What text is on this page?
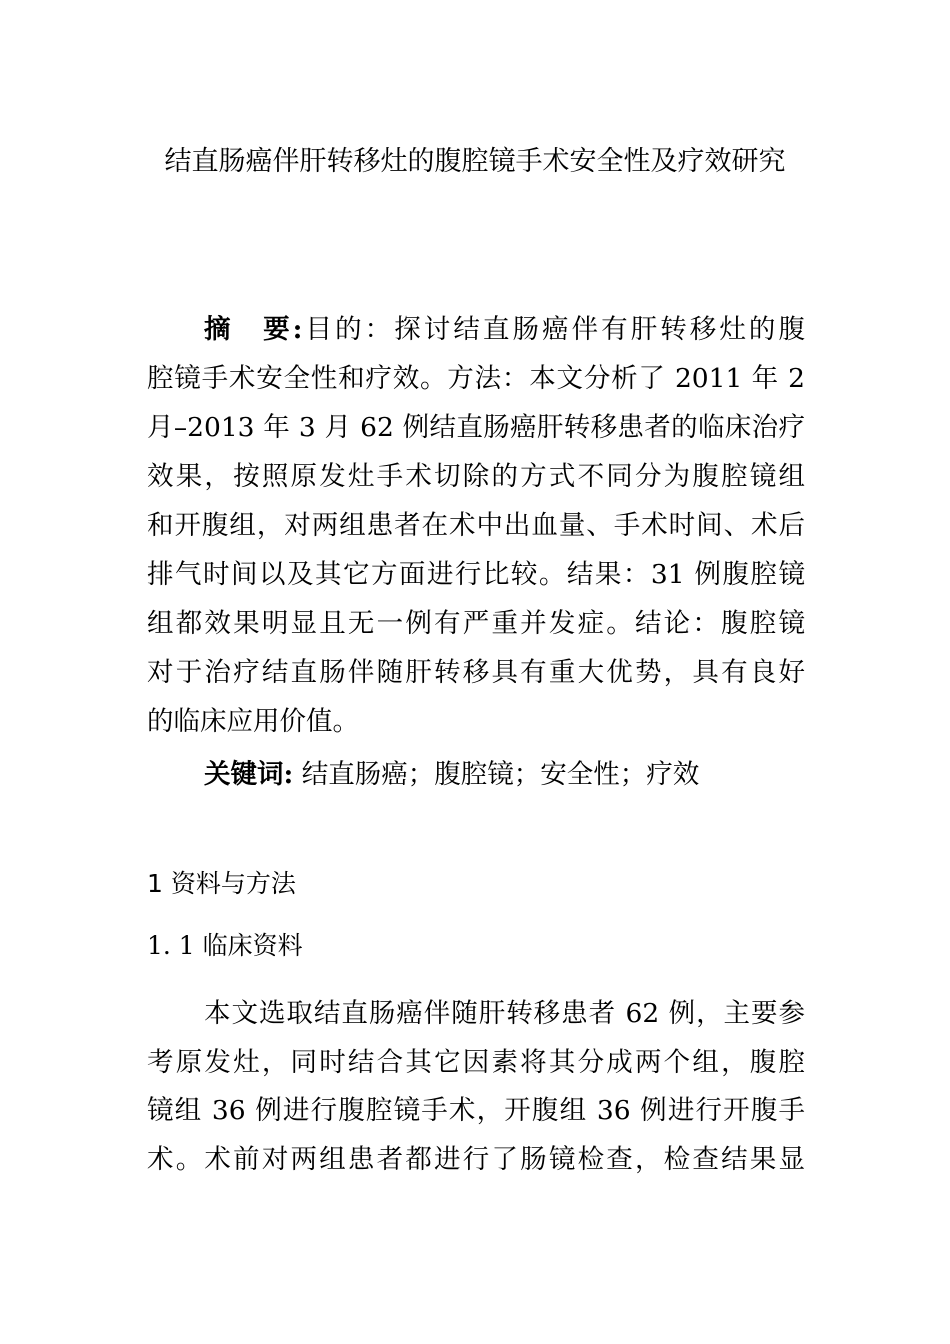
结直肠癌伴肝转移灶的腹腔镜手术安全性及疗效研究
摘　要:目的：探讨结直肠癌伴有肝转移灶的腹
腔镜手术安全性和疗效。方法：本文分析了 2011 年 2
月–2013 年 3 月 62 例结直肠癌肝转移患者的临床治疗
效果，按照原发灶手术切除的方式不同分为腹腔镜组
和开腹组，对两组患者在术中出血量、手术时间、术后
排气时间以及其它方面进行比较。结果：31 例腹腔镜
组都效果明显且无一例有严重并发症。结论：腹腔镜
对于治疗结直肠伴随肝转移具有重大优势，具有良好
的临床应用价值。
关键词: 结直肠癌；腹腔镜；安全性；疗效
1 资料与方法
1. 1 临床资料
本文选取结直肠癌伴随肝转移患者 62 例，主要参
考原发灶，同时结合其它因素将其分成两个组，腹腔
镜组 36 例进行腹腔镜手术，开腹组 36 例进行开腹手
术。术前对两组患者都进行了肠镜检查，检查结果显
